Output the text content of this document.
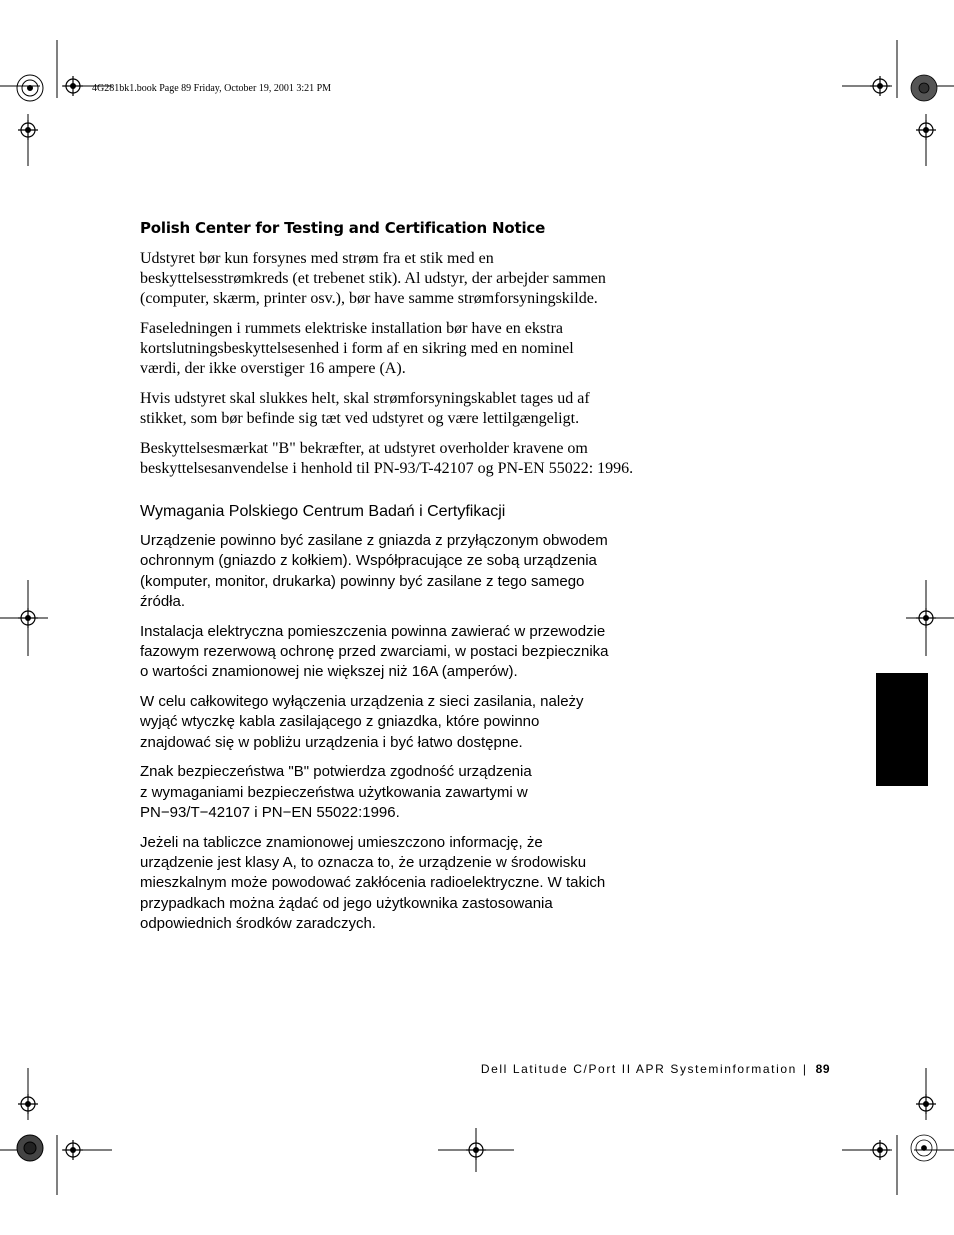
4G281bk1.book Page 89 Friday, October 19, 2001 3:21 PM
Polish Center for Testing and Certification Notice

Udstyret bør kun forsynes med strøm fra et stik med en
beskyttelsesstrømkreds (et trebenet stik). Al udstyr, der arbejder sammen
(computer, skærm, printer osv.), bør have samme strømforsyningskilde.

Faseledningen i rummets elektriske installation bør have en ekstra
kortslutningsbeskyttelsesenhed i form af en sikring med en nominel
værdi, der ikke overstiger 16 ampere (A).

Hvis udstyret skal slukkes helt, skal strømforsyningskablet tages ud af
stikket, som bør befinde sig tæt ved udstyret og være lettilgængeligt.

Beskyttelsesmærkat "B" bekræfter, at udstyret overholder kravene om
beskyttelsesanvendelse i henhold til PN-93/T-42107 og PN-EN 55022: 1996.

Wymagania Polskiego Centrum Badań i Certyfikacji

Urządzenie powinno być zasilane z gniazda z przyłączonym obwodem
ochronnym (gniazdo z kołkiem). Współpracujące ze sobą urządzenia
(komputer, monitor, drukarka) powinny być zasilane z tego samego
źródła.

Instalacja elektryczna pomieszczenia powinna zawierać w przewodzie
fazowym rezerwową ochronę przed zwarciami, w postaci bezpiecznika
o wartości znamionowej nie większej niż 16A (amperów).

W celu całkowitego wyłączenia urządzenia z sieci zasilania, należy
wyjąć wtyczkę kabla zasilającego z gniazdka, które powinno
znajdować się w pobliżu urządzenia i być łatwo dostępne.

Znak bezpieczeństwa "B" potwierdza zgodność urządzenia
z wymaganiami bezpieczeństwa użytkowania zawartymi w
PN−93/T−42107 i PN−EN 55022:1996.

Jeżeli na tabliczce znamionowej umieszczono informację, że
urządzenie jest klasy A, to oznacza to, że urządzenie w środowisku
mieszkalnym może powodować zakłócenia radioelektryczne. W takich
przypadkach można żądać od jego użytkownika zastosowania
odpowiednich środków zaradczych.

Dell Latitude C/Port II APR Systeminformation | 89
